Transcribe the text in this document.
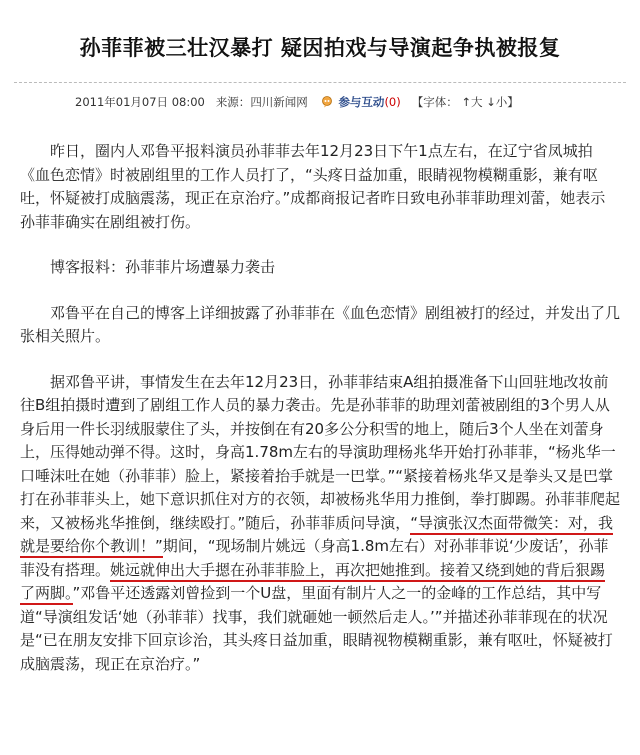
孙菲菲被三壮汉暴打 疑因拍戏与导演起争执被报复
2011年01月07日 08:00 来源：四川新闻网	参与互动(0) 【字体： ↑大 ↓小】

昨日，圈内人邓鲁平报料演员孙菲菲去年12月23日下午1点左右，在辽宁省凤城拍《血色恋情》时被剧组里的工作人员打了，“头疼日益加重，眼睛视物模糊重影，兼有呕吐，怀疑被打成脑震荡，现正在京治疗。”成都商报记者昨日致电孙菲菲助理刘蕾，她表示孙菲菲确实在剧组被打伤。

博客报料：孙菲菲片场遭暴力袭击

邓鲁平在自己的博客上详细披露了孙菲菲在《血色恋情》剧组被打的经过，并发出了几张相关照片。

据邓鲁平讲，事情发生在去年12月23日，孙菲菲结束A组拍摄准备下山回驻地改妆前往B组拍摄时遭到了剧组工作人员的暴力袭击。先是孙菲菲的助理刘蕾被剧组的3个男人从身后用一件长羽绒服蒙住了头，并按倒在有20多公分积雪的地上，随后3个人坐在刘蕾身上，压得她动弹不得。这时，身高1.78m左右的导演助理杨兆华开始打孙菲菲，“杨兆华一口唾沫吐在她（孙菲菲）脸上，紧接着抬手就是一巴掌。”“紧接着杨兆华又是拳头又是巴掌打在孙菲菲头上，她下意识抓住对方的衣领，却被杨兆华用力推倒，拳打脚踢。孙菲菲爬起来，又被杨兆华推倒，继续殴打。”随后，孙菲菲质问导演，“导演张汉杰面带微笑：对，我就是要给你个教训！”期间，“现场制片姚远（身高1.8m左右）对孙菲菲说‘少废话’，孙菲菲没有搭理。姚远就伸出大手摁在孙菲菲脸上，再次把她推到。接着又绕到她的背后狠踢了两脚。”邓鲁平还透露刘曾捡到一个U盘，里面有制片人之一的金峰的工作总结，其中写道“导演组发话‘她（孙菲菲）找事，我们就砸她一顿然后走人。’”并描述孙菲菲现在的状况是“已在朋友安排下回京诊治，其头疼日益加重，眼睛视物模糊重影，兼有呕吐，怀疑被打成脑震荡，现正在京治疗。”
